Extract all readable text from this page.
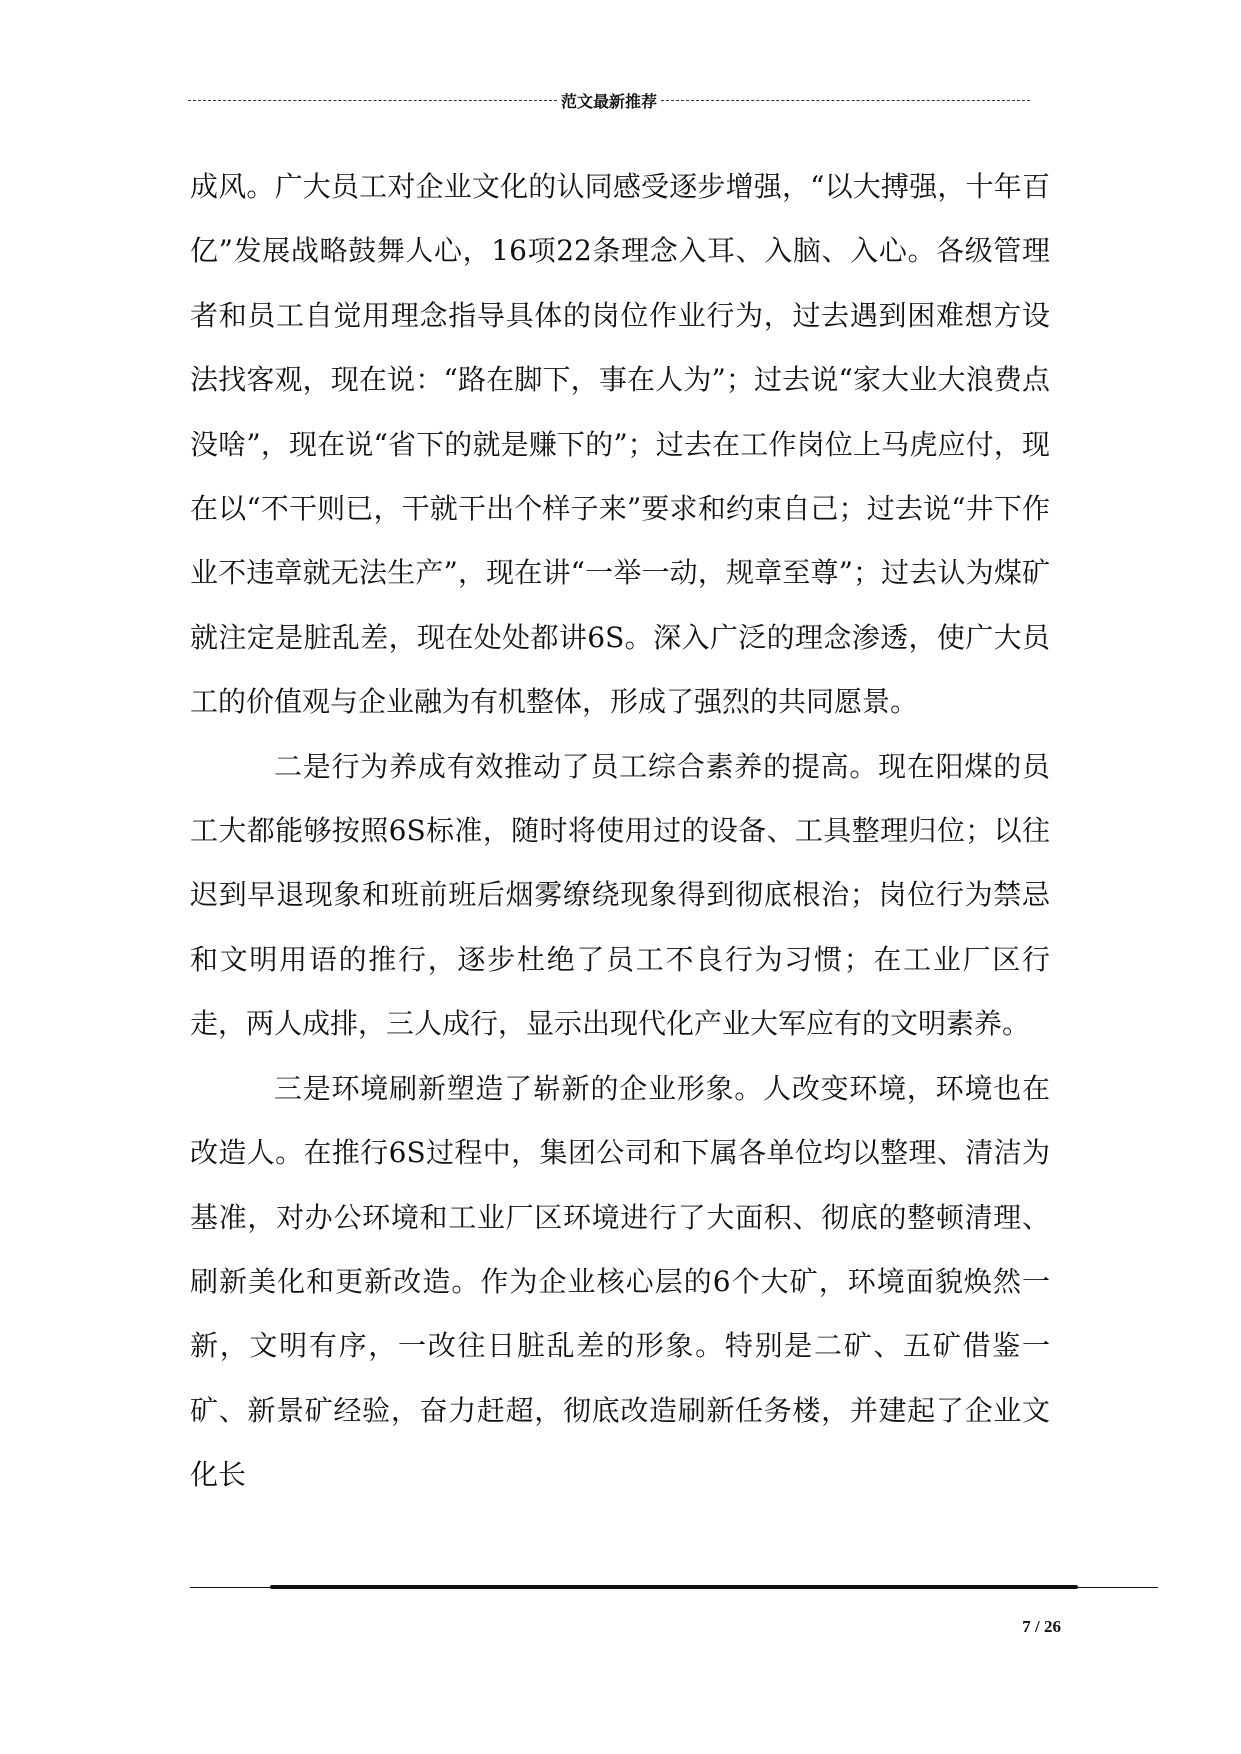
范文最新推荐

成风。广大员工对企业文化的认同感受逐步增强，“以大搏强，十年百亿”发展战略鼓舞人心，16项22条理念入耳、入脑、入心。各级管理者和员工自觉用理念指导具体的岗位作业行为，过去遇到困难想方设法找客观，现在说：“路在脚下，事在人为”；过去说“家大业大浪费点没啥”，现在说“省下的就是赚下的”；过去在工作岗位上马虎应付，现在以“不干则已，干就干出个样子来”要求和约束自己；过去说“井下作业不违章就无法生产”，现在讲“一举一动，规章至尊”；过去认为煤矿就注定是脏乱差，现在处处都讲6S。深入广泛的理念渗透，使广大员工的价值观与企业融为有机整体，形成了强烈的共同愿景。

二是行为养成有效推动了员工综合素养的提高。现在阳煤的员工大都能够按照6S标准，随时将使用过的设备、工具整理归位；以往迟到早退现象和班前班后烟雾缭绕现象得到彻底根治；岗位行为禁忌和文明用语的推行，逐步杜绝了员工不良行为习惯；在工业厂区行走，两人成排，三人成行，显示出现代化产业大军应有的文明素养。

三是环境刷新塑造了崭新的企业形象。人改变环境，环境也在改造人。在推行6S过程中，集团公司和下属各单位均以整理、清洁为基准，对办公环境和工业厂区环境进行了大面积、彻底的整顿清理、刷新美化和更新改造。作为企业核心层的6个大矿，环境面貌焕然一新，文明有序，一改往日脏乱差的形象。特别是二矿、五矿借鉴一矿、新景矿经验，奋力赶超，彻底改造刷新任务楼，并建起了企业文化长

7 / 26
